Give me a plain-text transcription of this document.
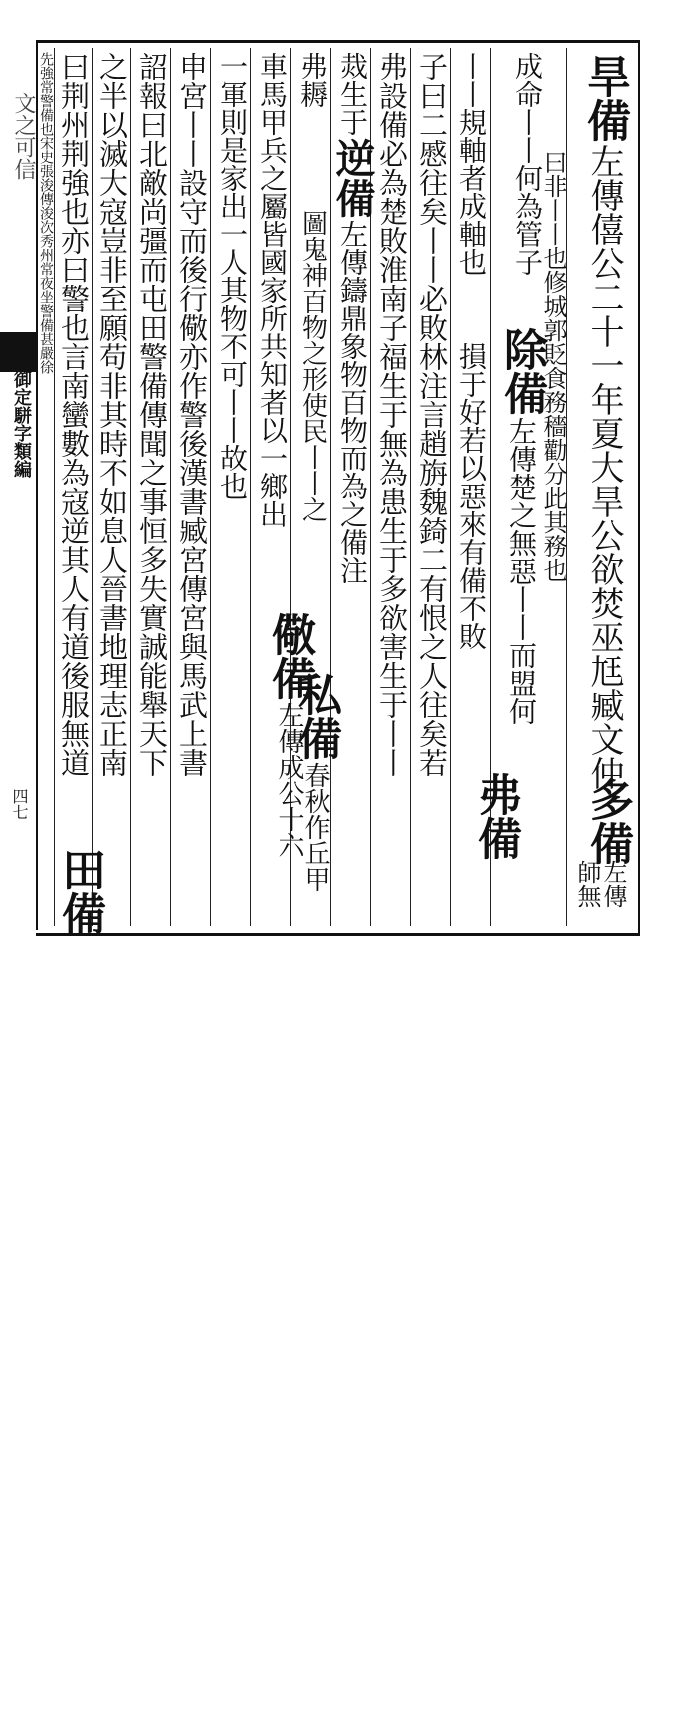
文之可信
御定駢字類編
四七
旱備
左傳僖公二十一年夏大旱公欲焚巫尪臧文仲
多備
左傳
師無
曰非丨丨也修城郭貶食務穡勸分此其務也
成命丨丨何為管子
除備
左傳楚之無惡丨丨而盟何
丨丨規軸者成軸也
損于好若以惡來有備不敗
弗備
子曰二慼往矣丨丨必敗林注言趙旃魏錡二有恨之人往矣若
弗設備必為楚敗淮南子福生于無為患生于多欲害生于丨丨
烖生于
逆備
左傳鑄鼎象物百物而為之備注
弗耨
圖鬼神百物之形使民丨丨之
私備
春秋作丘甲
車馬甲兵之屬皆國家所共知者以一鄉出
儆備
左傳成公十六
一軍則是家出一人其物不可丨丨故也
申宮丨丨設守而後行儆亦作警後漢書臧宮傳宮與馬武上書
詔報曰北敵尚彊而屯田警備傳聞之事恒多失實誠能舉天下
之半以滅大寇豈非至願苟非其時不如息人晉書地理志正南
曰荆州荆強也亦曰警也言南蠻數為寇逆其人有道後服無道
先強常警備也宋史張浚傳浚次秀州常夜坐警備甚嚴徐
田備
